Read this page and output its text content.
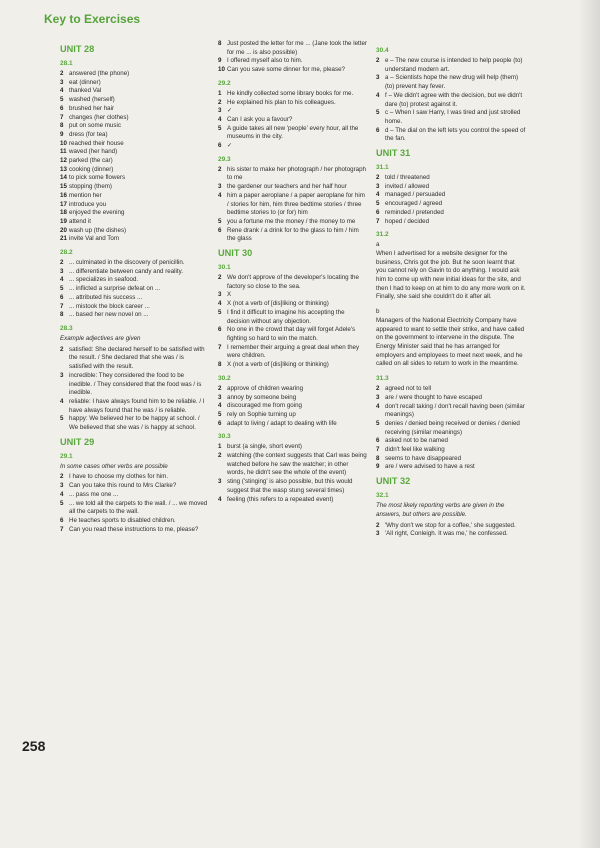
Key to Exercises
UNIT 28
28.1
2 answered (the phone)
3 eat (dinner)
4 thanked Val
5 washed (herself)
6 brushed her hair
7 changes (her clothes)
8 put on some music
9 dress (for tea)
10 reached their house
11 waved (her hand)
12 parked (the car)
13 cooking (dinner)
14 to pick some flowers
15 stopping (them)
16 mention her
17 introduce you
18 enjoyed the evening
19 attend it
20 wash up (the dishes)
21 invite Val and Tom
28.2
2 ... culminated in the discovery of penicillin.
3 ... differentiate between candy and reality.
4 ... specializes in seafood.
5 ... inflicted a surprise defeat on ...
6 ... attributed his success ...
7 ... mistook the block career ...
8 ... based her new novel on ...
28.3
Example adjectives are given
2 satisfied: She declared herself to be satisfied with the result. / She declared that she was / is satisfied with the result.
3 incredible: They considered the food to be inedible. / They considered that the food was / is inedible.
4 reliable: I have always found him to be reliable. / I have always found that he was / is reliable.
5 happy: We believed her to be happy at school. / We believed that she was / is happy at school.
UNIT 29
29.1
In some cases other verbs are possible
2 I have to choose my clothes for him.
3 Can you take this round to Mrs Clarke?
4 ... pass me one ...
5 ... we told all the carpets to the wall. / ... we moved all the carpets to the wall.
6 He teaches sports to disabled children.
7 Can you read these instructions to me, please?
8 Just posted the letter for me ... (Jane took the letter for me ... is also possible)
9 I offered myself also to him.
10 Can you save some dinner for me, please?
29.2
1 He kindly collected some library books for me.
2 He explained his plan to his colleagues.
3 ✓
4 Can I ask you a favour?
5 A guide takes all new 'people' every hour, all the museums in the city.
6 ✓
29.3
2 his sister to make her photograph / her photograph to me
3 the gardener our teachers and her half hour
4 him a paper aeroplane / a paper aeroplane for him / stories for him, him three bedtime stories / three bedtime stories to (or for) him
5 you a fortune me the money / the money to me
6 Rene drank / a drink for to the glass to him / him the glass
UNIT 30
30.1
2 We don't approve of the developer's locating the factory so close to the sea.
3 X
4 X (not a verb of [dis]liking or thinking)
5 I find it difficult to imagine his accepting the decision without any objection.
6 No one in the crowd that day will forget Adele's fighting so hard to win the match.
7 I remember their arguing a great deal when they were children.
8 X (not a verb of [dis]liking or thinking)
30.2
2 approve of children wearing
3 annoy by someone being
4 discouraged me from going
5 rely on Sophie turning up
6 adapt to living / adapt to dealing with life
30.3
1 burst (a single, short event)
2 watching (the context suggests that Carl was being watched before he saw the watcher; in other words, he didn't see the whole of the event)
3 sting ('stinging' is also possible, but this would suggest that the wasp stung several times)
4 feeling (this refers to a repeated event)
30.4
2 e – The new course is intended to help people (to) understand modern art.
3 a – Scientists hope the new drug will help (them) (to) prevent hay fever.
4 f – We didn't agree with the decision, but we didn't dare (to) protest against it.
5 c – When I saw Harry, I was tired and just strolled home.
6 d – The dial on the left lets you control the speed of the fan.
UNIT 31
31.1
2 told / threatened
3 invited / allowed
4 managed / persuaded
5 encouraged / agreed
6 reminded / pretended
7 hoped / decided
31.2
a
When I advertised for a website designer for the business, Chris got the job. But he soon learnt that you cannot rely on Gavin to do anything. I would ask him to come up with new initial ideas for the site, and then I had to keep on at him to do any more work on it. Finally, she said she couldn't do it after all.
b
Managers of the National Electricity Company have appeared to want to settle their strike, and have called on the government to intervene in the dispute. The Energy Minister said that he has arranged for employers and employees to meet next week, and he called on all sides to return to work in the meantime.
31.3
2 agreed not to tell
3 are / were thought to have escaped
4 don't recall taking / don't recall having been (similar meanings)
5 denies / denied being received or denies / denied receiving (similar meanings)
6 asked not to be named
7 didn't feel like walking
8 seems to have disappeared
9 are / were advised to have a rest
UNIT 32
32.1
The most likely reporting verbs are given in the answers, but others are possible.
2 'Why don't we stop for a coffee,' she suggested.
3 'All right, Conleigh. It was me,' he confessed.
258
